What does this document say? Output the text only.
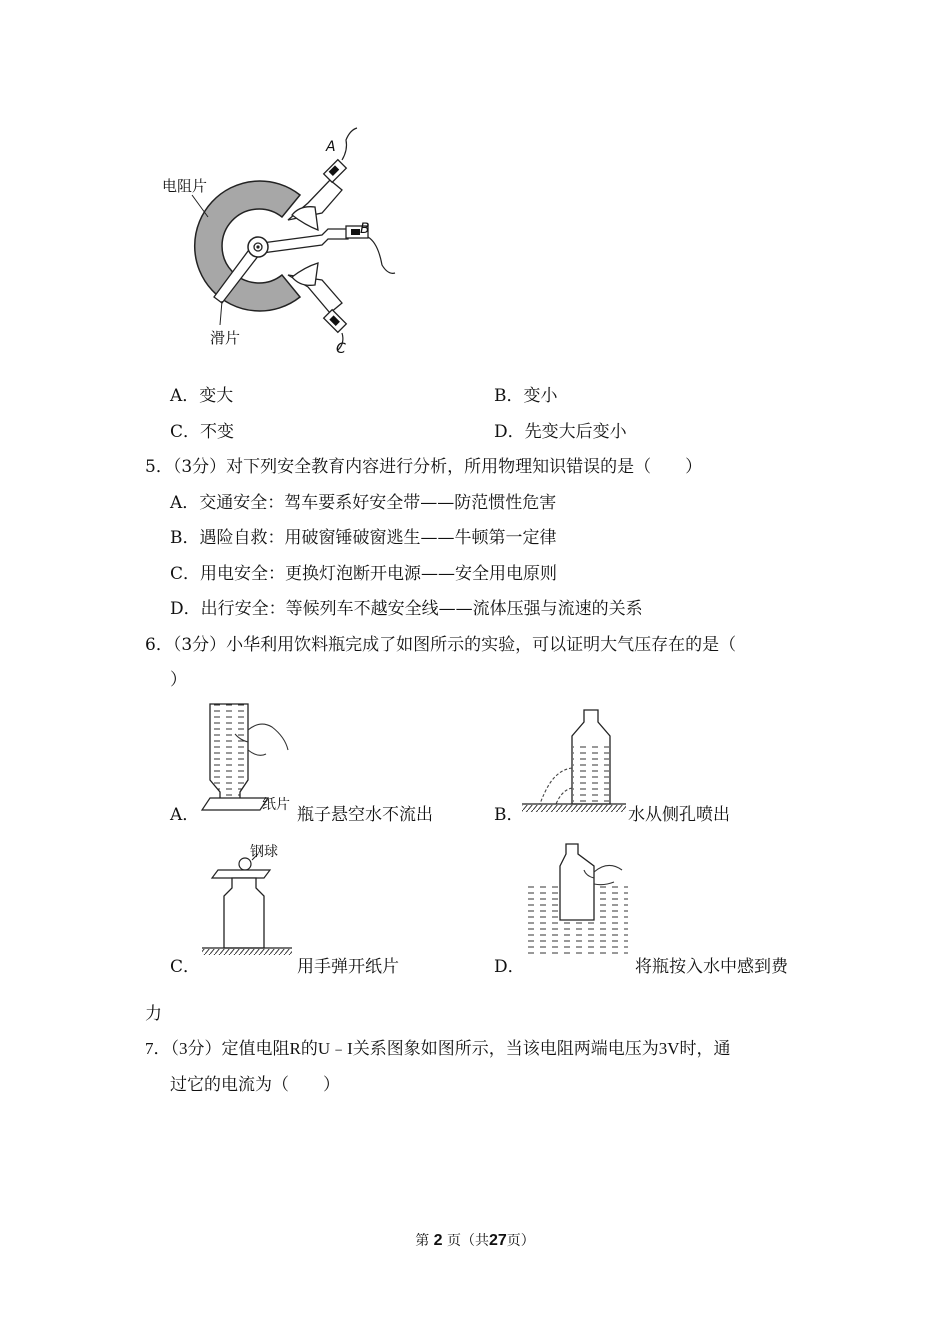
电阻片
滑片
A
B
C
A．变大	B．变小
C．不变	D．先变大后变小
5．（3分）对下列安全教育内容进行分析，所用物理知识错误的是（　　）
A．交通安全：驾车要系好安全带——防范惯性危害
B．遇险自救：用破窗锤破窗逃生——牛顿第一定律
C．用电安全：更换灯泡断开电源——安全用电原则
D．出行安全：等候列车不越安全线——流体压强与流速的关系
6．（3分）小华利用饮料瓶完成了如图所示的实验，可以证明大气压存在的是（
）
纸片
A．	瓶子悬空水不流出	B．	水从侧孔喷出
钢球
C．	用手弹开纸片	D．	将瓶按入水中感到费
力
7．（3分）定值电阻R的U﹣I关系图象如图所示，当该电阻两端电压为3V时，通
过它的电流为（　　）
第 2 页（共27页）
